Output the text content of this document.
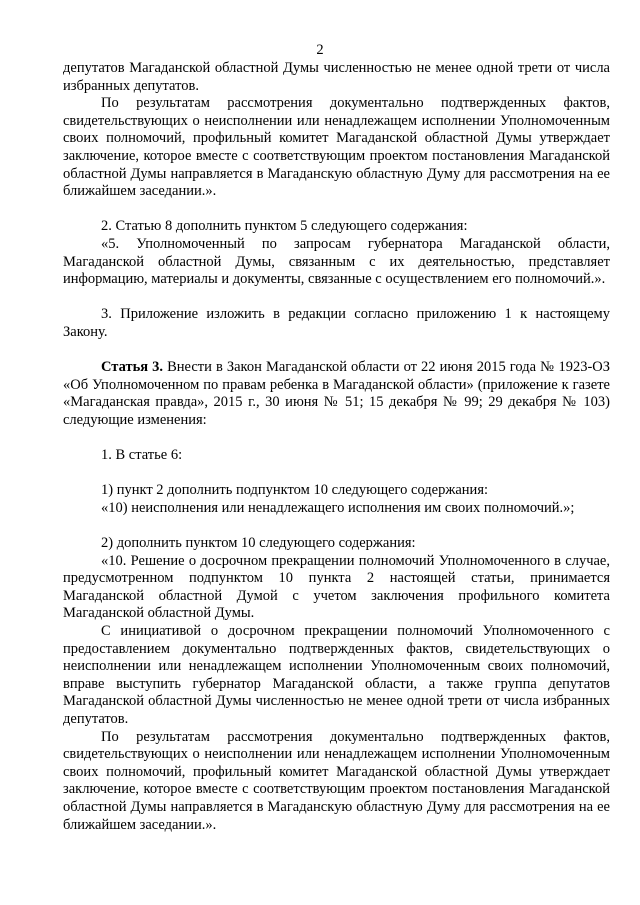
2

депутатов Магаданской областной Думы численностью не менее одной трети от числа избранных депутатов.

По результатам рассмотрения документально подтвержденных фактов, свидетельствующих о неисполнении или ненадлежащем исполнении Уполномоченным своих полномочий, профильный комитет Магаданской областной Думы утверждает заключение, которое вместе с соответствующим проектом постановления Магаданской областной Думы направляется в Магаданскую областную Думу для рассмотрения на ее ближайшем заседании.».

2. Статью 8 дополнить пунктом 5 следующего содержания:

«5. Уполномоченный по запросам губернатора Магаданской области, Магаданской областной Думы, связанным с их деятельностью, представляет информацию, материалы и документы, связанные с осуществлением его полномочий.».

3. Приложение изложить в редакции согласно приложению 1 к настоящему Закону.

Статья 3. Внести в Закон Магаданской области от 22 июня 2015 года № 1923-ОЗ «Об Уполномоченном по правам ребенка в Магаданской области» (приложение к газете «Магаданская правда», 2015 г., 30 июня № 51; 15 декабря № 99; 29 декабря № 103) следующие изменения:

1. В статье 6:

1) пункт 2 дополнить подпунктом 10 следующего содержания:

«10) неисполнения или ненадлежащего исполнения им своих полномочий.»;

2) дополнить пунктом 10 следующего содержания:

«10. Решение о досрочном прекращении полномочий Уполномоченного в случае, предусмотренном подпунктом 10 пункта 2 настоящей статьи, принимается Магаданской областной Думой с учетом заключения профильного комитета Магаданской областной Думы.

С инициативой о досрочном прекращении полномочий Уполномоченного с предоставлением документально подтвержденных фактов, свидетельствующих о неисполнении или ненадлежащем исполнении Уполномоченным своих полномочий, вправе выступить губернатор Магаданской области, а также группа депутатов Магаданской областной Думы численностью не менее одной трети от числа избранных депутатов.

По результатам рассмотрения документально подтвержденных фактов, свидетельствующих о неисполнении или ненадлежащем исполнении Уполномоченным своих полномочий, профильный комитет Магаданской областной Думы утверждает заключение, которое вместе с соответствующим проектом постановления Магаданской областной Думы направляется в Магаданскую областную Думу для рассмотрения на ее ближайшем заседании.».
